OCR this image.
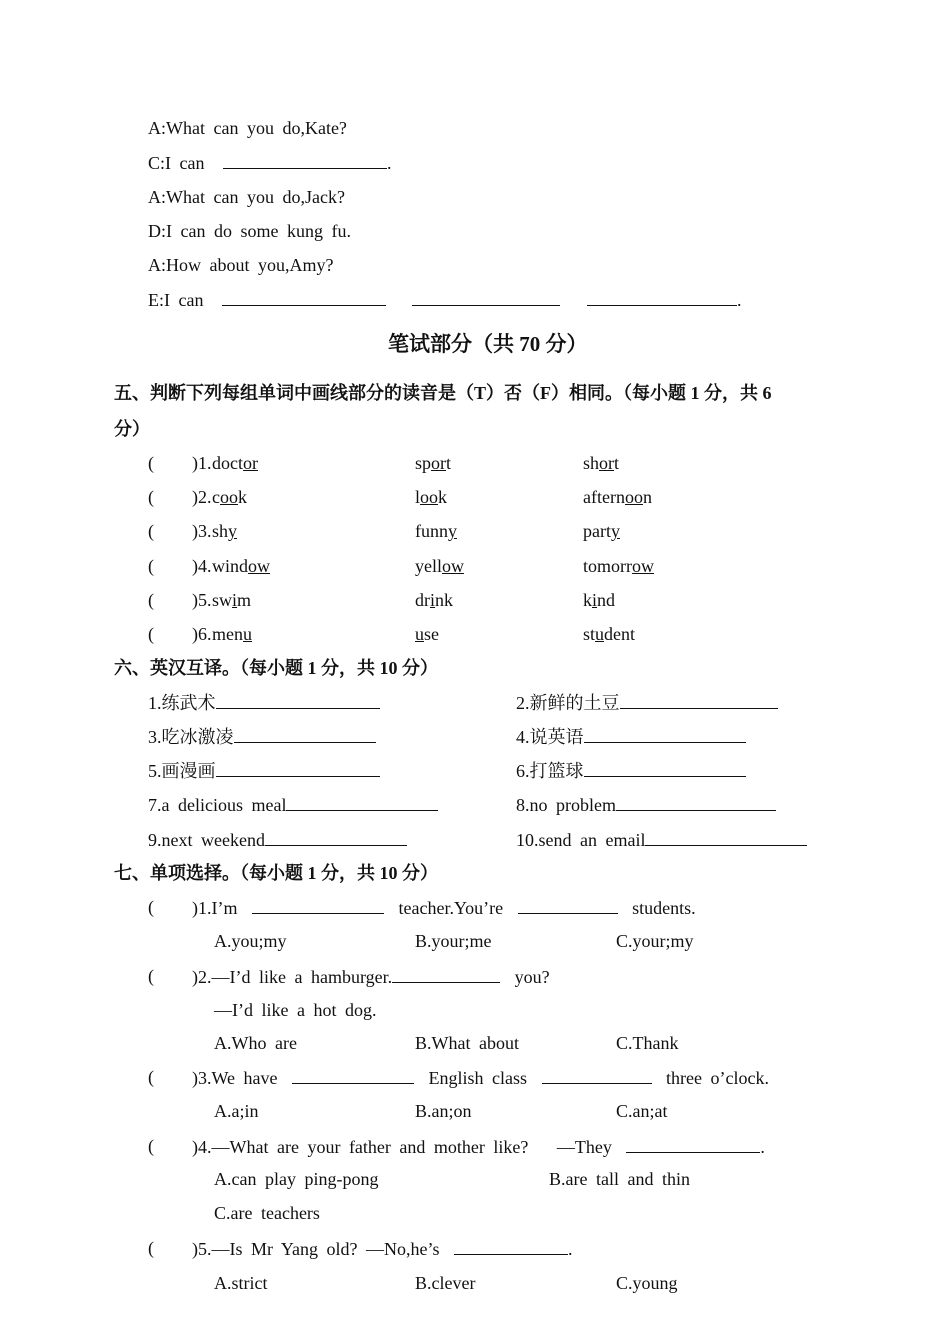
A:What can you do,Kate?
C:I can	.
A:What can you do,Jack?
D:I can do some kung fu.
A:How about you,Amy?
E:I can	.
笔试部分（共 70 分）
五、判断下列每组单词中画线部分的读音是（T）否（F）相同。（每小题 1 分，共 6
分）
( )1. doctor	sport	short
( )2. cook	look	afternoon
( )3. shy	funny	party
( )4. window	yellow	tomorrow
( )5. swim	drink	kind
( )6. menu	use	student
六、英汉互译。（每小题 1 分，共 10 分）
1.练武术	2.新鲜的土豆
3.吃冰激凌	4.说英语
5.画漫画	6.打篮球
7.a delicious meal	8.no problem
9.next weekend	10.send an email
七、单项选择。（每小题 1 分，共 10 分）
( )1.I’m	teacher.You’re	students.
A.you;my	B.your;me	C.your;my
( )2.—I’d like a hamburger.	you?
—I’d like a hot dog.
A.Who are	B.What about	C.Thank
( )3.We have	English class	three o’clock.
A.a;in	B.an;on	C.an;at
( )4.—What are your father and mother like? —They	.
A.can play ping-pong	B.are tall and thin
C.are teachers
( )5.—Is Mr Yang old? —No,he’s	.
A.strict	B.clever	C.young
